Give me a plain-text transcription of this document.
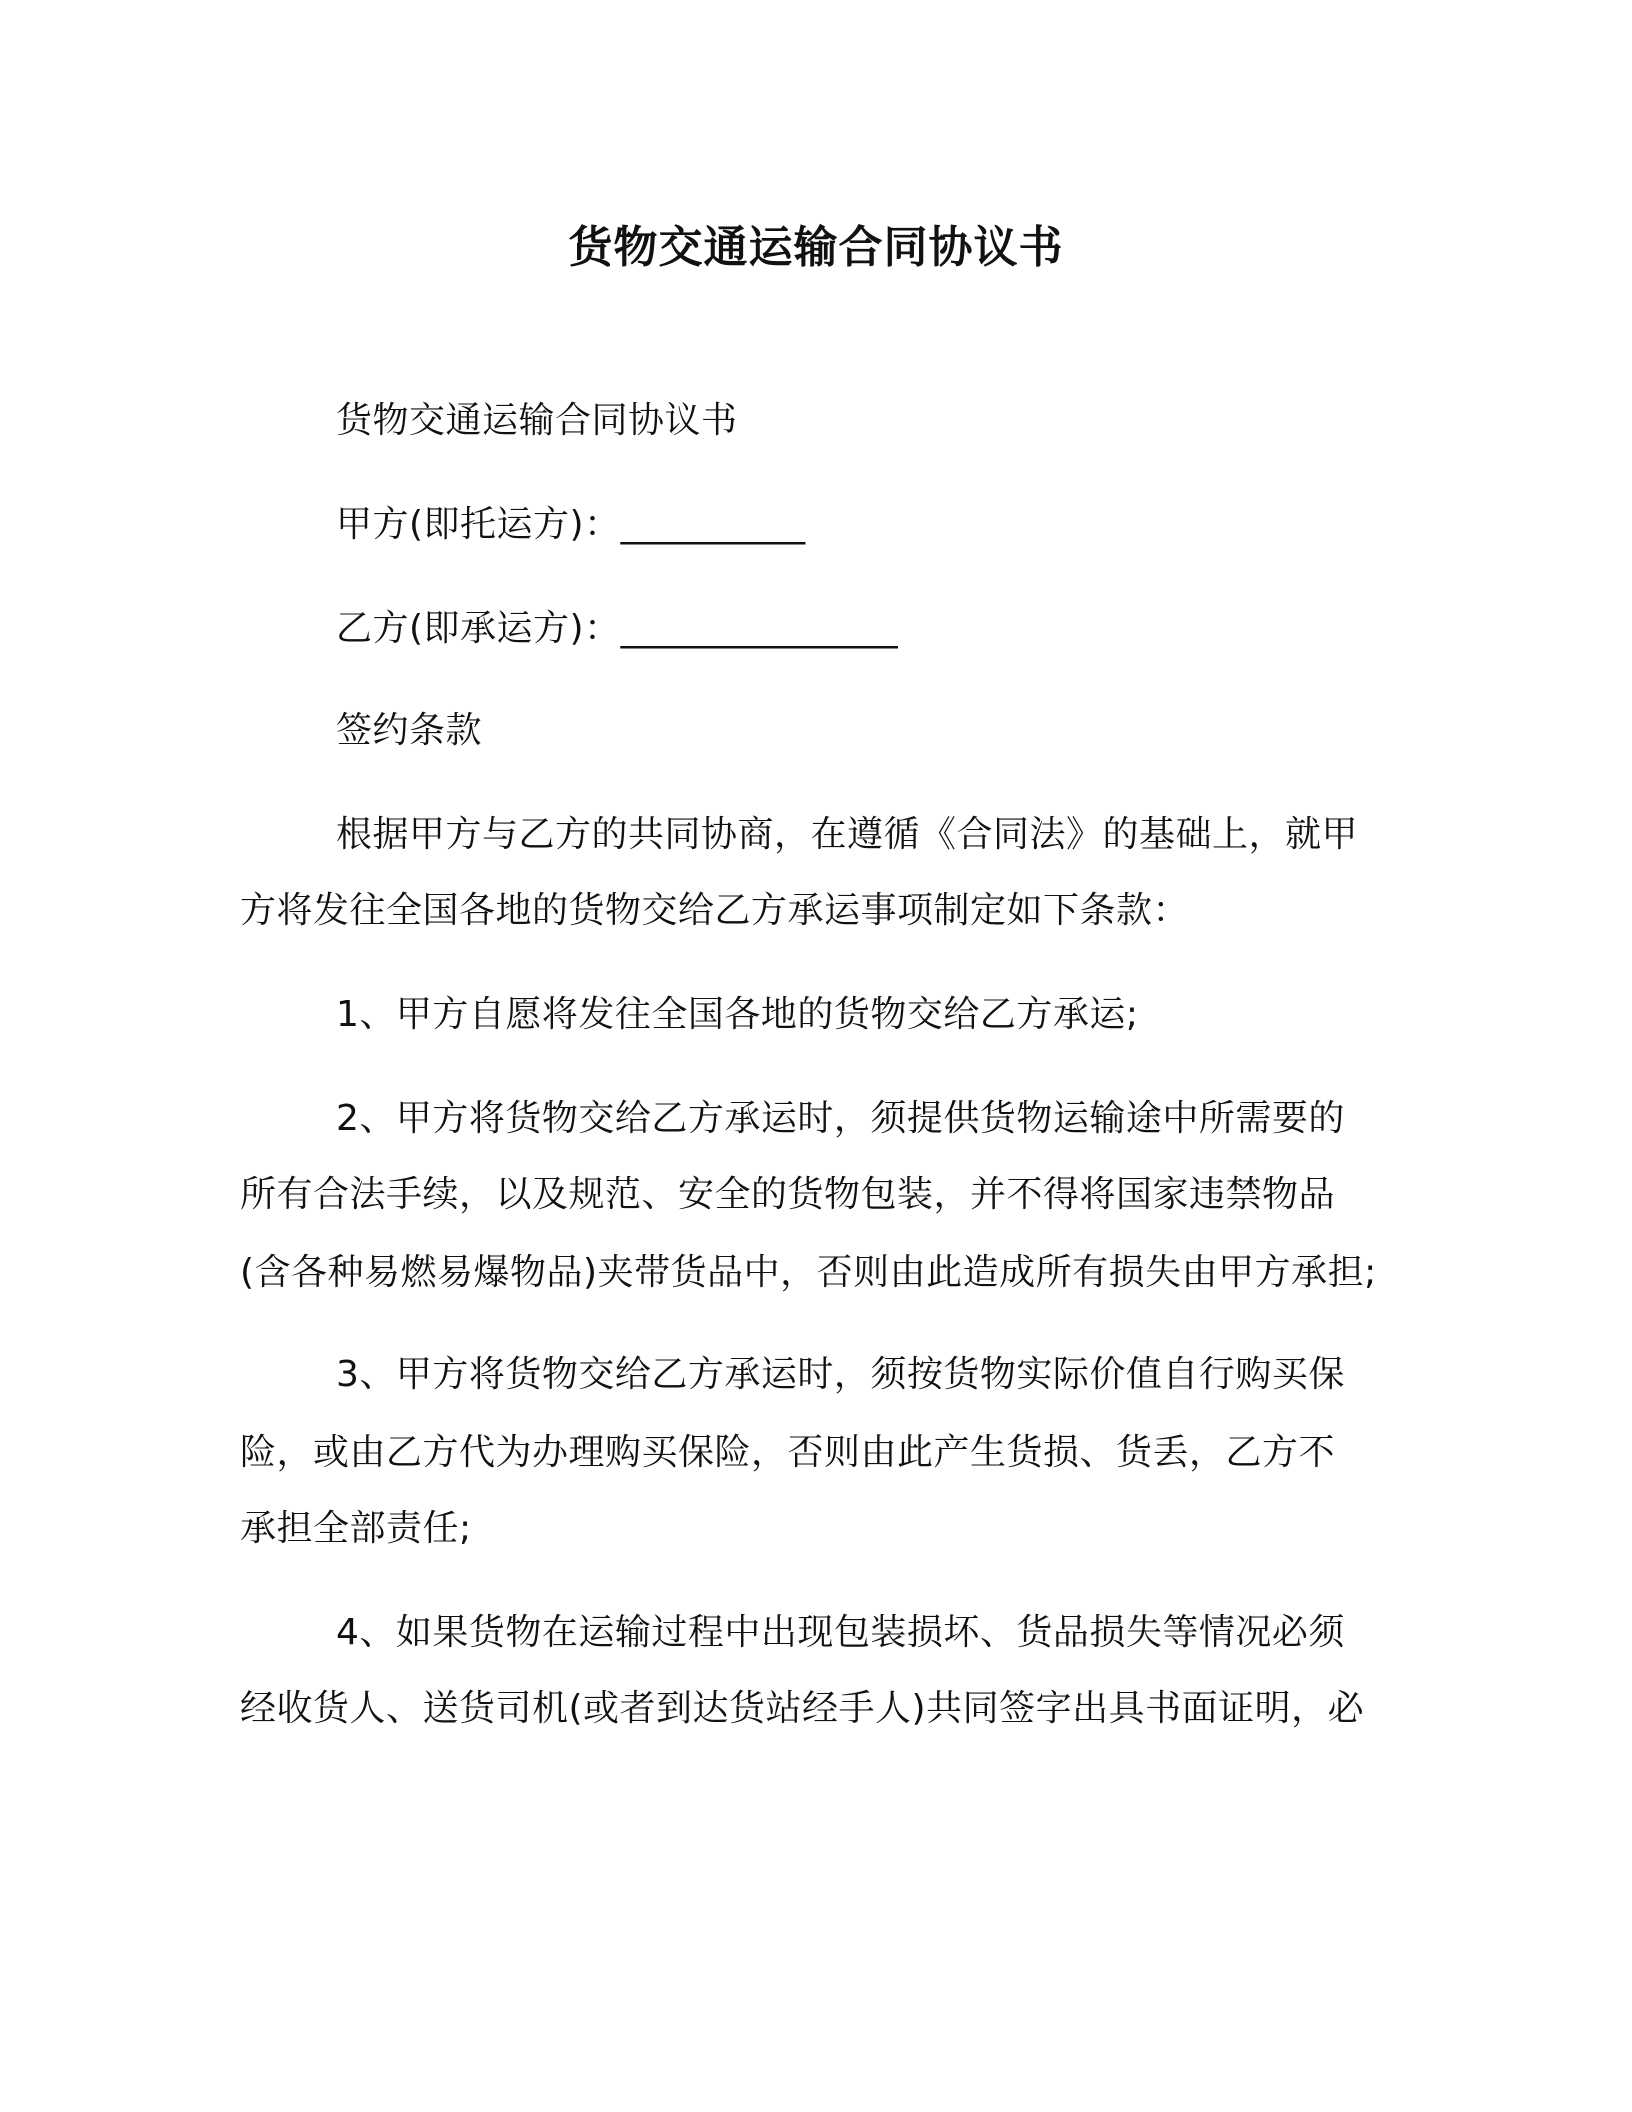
货物交通运输合同协议书
货物交通运输合同协议书
甲方(即托运方)：__________
乙方(即承运方)：_______________
签约条款
根据甲方与乙方的共同协商，在遵循《合同法》的基础上，就甲
方将发往全国各地的货物交给乙方承运事项制定如下条款：
1、甲方自愿将发往全国各地的货物交给乙方承运;
2、甲方将货物交给乙方承运时，须提供货物运输途中所需要的
所有合法手续，以及规范、安全的货物包装，并不得将国家违禁物品
(含各种易燃易爆物品)夹带货品中，否则由此造成所有损失由甲方承担;
3、甲方将货物交给乙方承运时，须按货物实际价值自行购买保
险，或由乙方代为办理购买保险，否则由此产生货损、货丢，乙方不
承担全部责任;
4、如果货物在运输过程中出现包装损坏、货品损失等情况必须
经收货人、送货司机(或者到达货站经手人)共同签字出具书面证明，必
